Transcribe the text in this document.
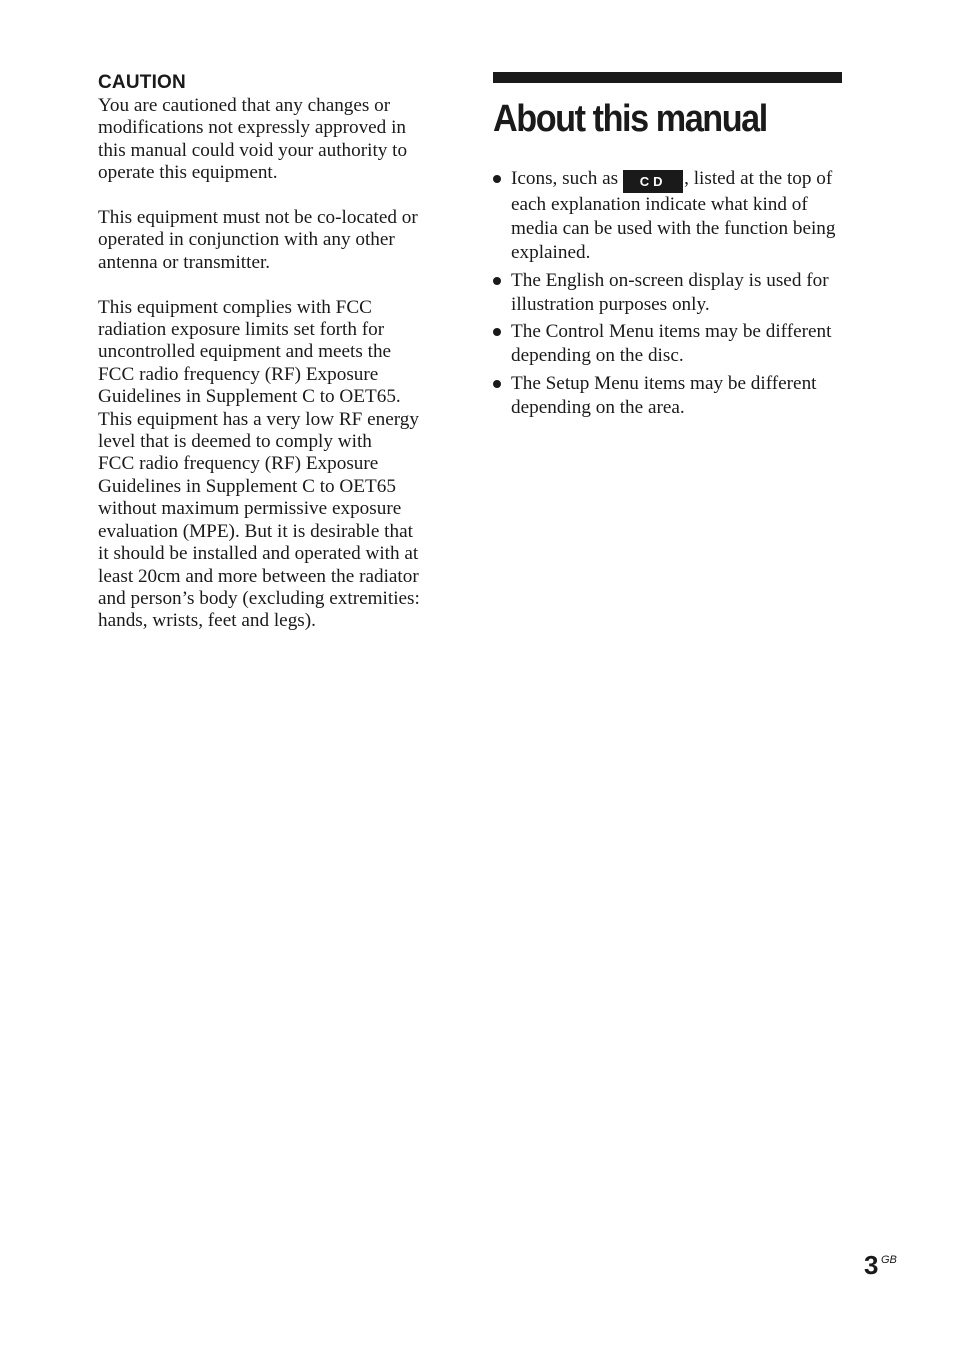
CAUTION

You are cautioned that any changes or
modifications not expressly approved in
this manual could void your authority to
operate this equipment.

This equipment must not be co-located or
operated in conjunction with any other
antenna or transmitter.

This equipment complies with FCC
radiation exposure limits set forth for
uncontrolled equipment and meets the
FCC radio frequency (RF) Exposure
Guidelines in Supplement C to OET65.
This equipment has a very low RF energy
level that is deemed to comply with
FCC radio frequency (RF) Exposure
Guidelines in Supplement C to OET65
without maximum permissive exposure
evaluation (MPE). But it is desirable that
it should be installed and operated with at
least 20cm and more between the radiator
and person’s body (excluding extremities:
hands, wrists, feet and legs).

About this manual
Icons, such as CD , listed at the top of each explanation indicate what kind of media can be used with the function being explained.
The English on-screen display is used for illustration purposes only.
The Control Menu items may be different depending on the disc.
The Setup Menu items may be different depending on the area.
3 GB
